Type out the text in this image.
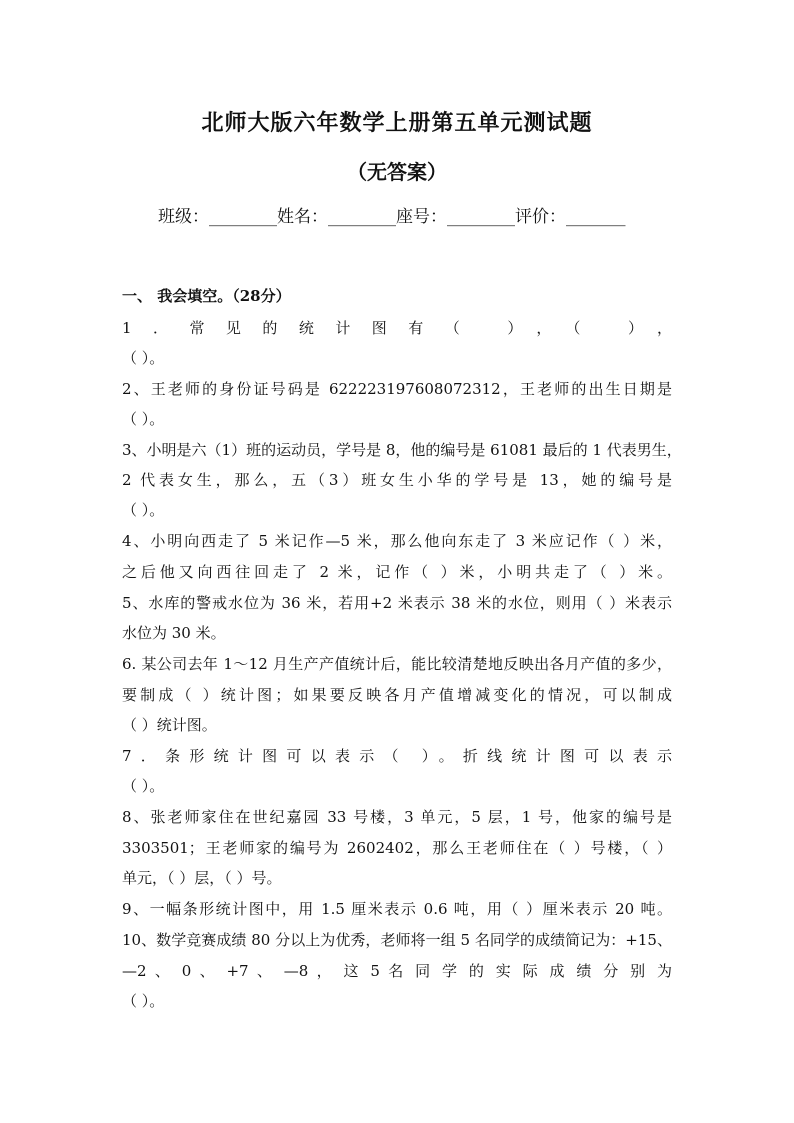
北师大版六年数学上册第五单元测试题
（无答案）
班级：________姓名：________座号：________评价：_______
一、 我会填空。（28分）
1．常见的统计图有（ ），（ ），
（ ）。
2、王老师的身份证号码是 622223197608072312，王老师的出生日期是
（ ）。
3、小明是六（1）班的运动员，学号是 8，他的编号是 61081 最后的 1 代表男生，
2 代表女生，那么，五（3）班女生小华的学号是 13，她的编号是
（ ）。
4、小明向西走了 5 米记作—5 米，那么他向东走了 3 米应记作（ ）米，
之后他又向西往回走了 2 米，记作（ ）米，小明共走了（ ）米。
5、水库的警戒水位为 36 米，若用+2 米表示 38 米的水位，则用（ ）米表示
水位为 30 米。
6. 某公司去年 1～12 月生产产值统计后，能比较清楚地反映出各月产值的多少，
要制成（ ）统计图；如果要反映各月产值增减变化的情况，可以制成
（ ）统计图。
7．条形统计图可以表示（ ）。折线统计图可以表示
（ ）。
8、张老师家住在世纪嘉园 33 号楼，3 单元，5 层，1 号，他家的编号是
3303501；王老师家的编号为 2602402，那么王老师住在（ ）号楼，（ ）
单元，（ ）层，（ ）号。
9、一幅条形统计图中，用 1.5 厘米表示 0.6 吨，用（ ）厘米表示 20 吨。
10、数学竞赛成绩 80 分以上为优秀，老师将一组 5 名同学的成绩简记为：+15、
—2 、 0 、 +7 、 —8 ， 这 5 名 同 学 的 实 际 成 绩 分 别 为
（ ）。
